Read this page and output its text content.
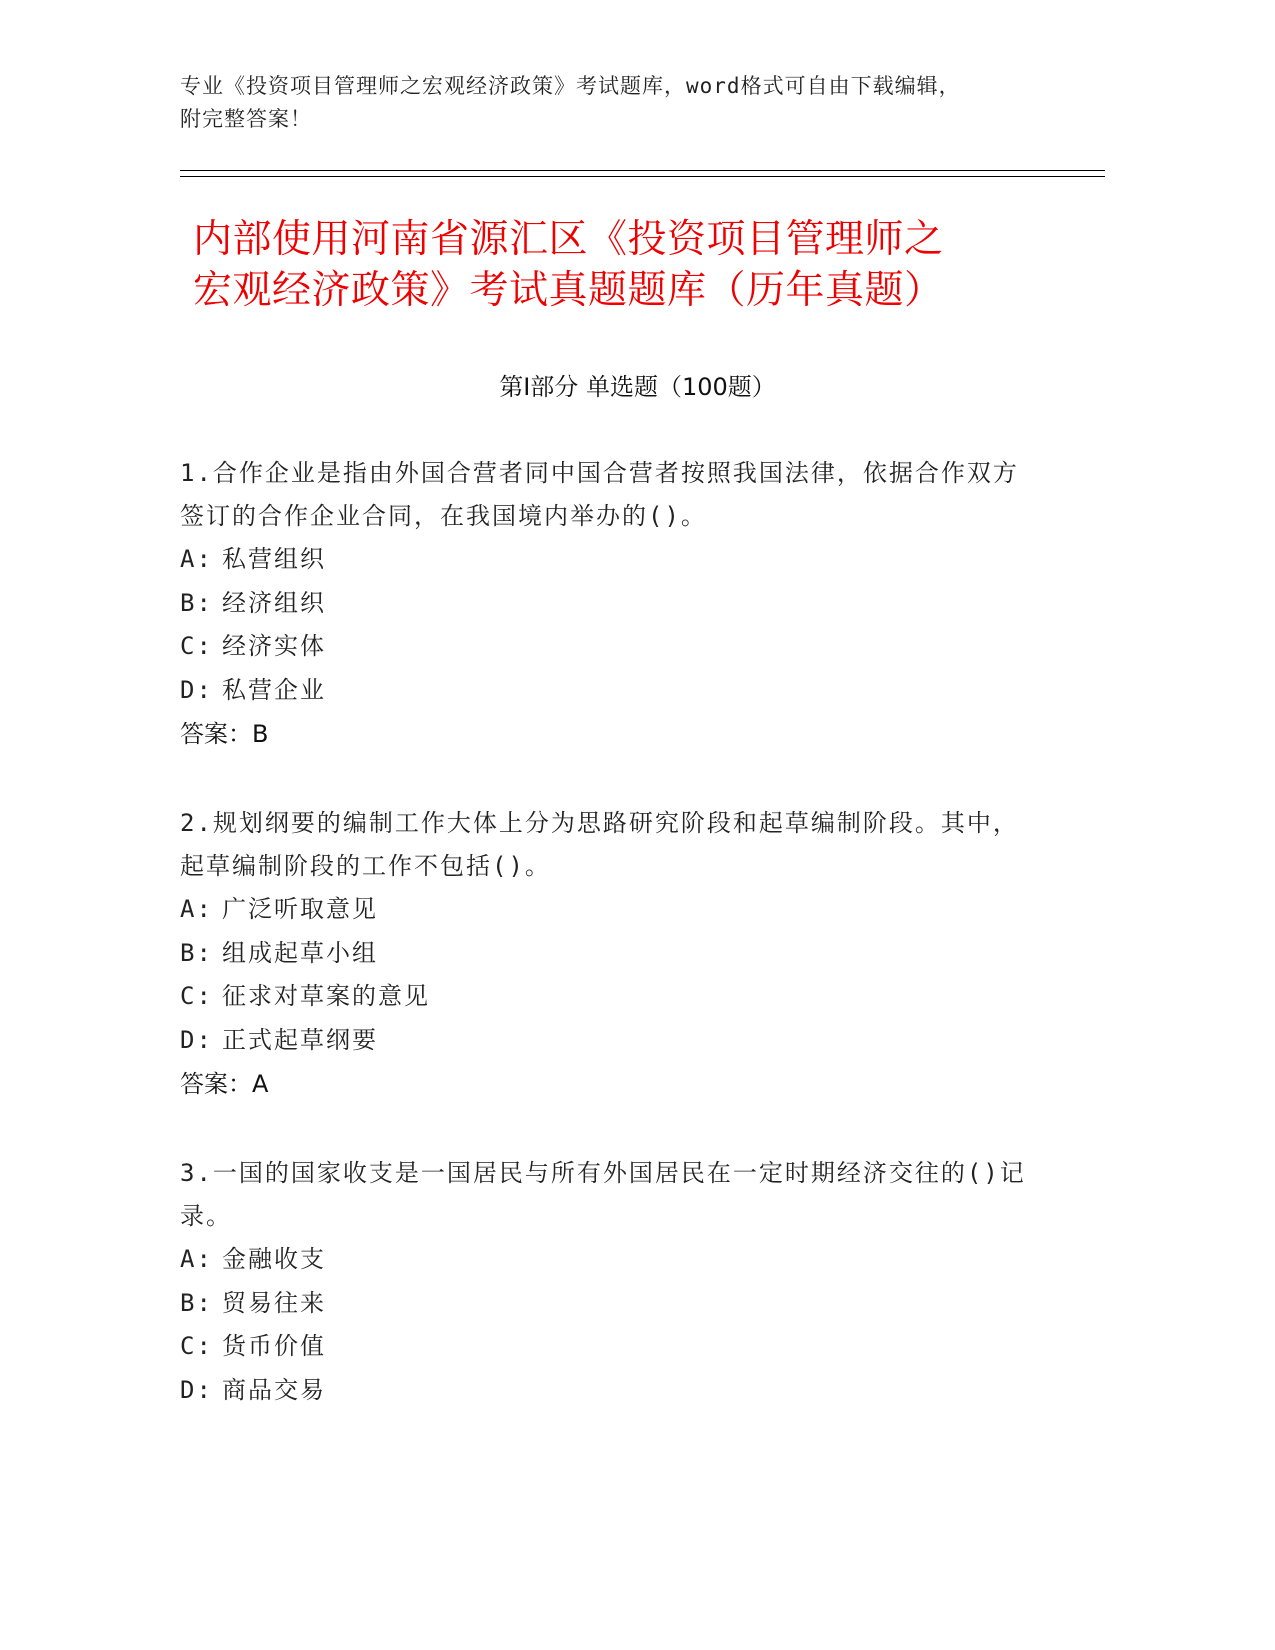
专业《投资项目管理师之宏观经济政策》考试题库，word格式可自由下载编辑，
附完整答案！
内部使用河南省源汇区《投资项目管理师之
宏观经济政策》考试真题题库（历年真题）
第Ⅰ部分 单选题（100题）
1.合作企业是指由外国合营者同中国合营者按照我国法律，依据合作双方签订的合作企业合同，在我国境内举办的()。
A: 私营组织
B: 经济组织
C: 经济实体
D: 私营企业
答案：B
2.规划纲要的编制工作大体上分为思路研究阶段和起草编制阶段。其中，起草编制阶段的工作不包括()。
A: 广泛听取意见
B: 组成起草小组
C: 征求对草案的意见
D: 正式起草纲要
答案：A
3.一国的国家收支是一国居民与所有外国居民在一定时期经济交往的()记录。
A: 金融收支
B: 贸易往来
C: 货币价值
D: 商品交易
